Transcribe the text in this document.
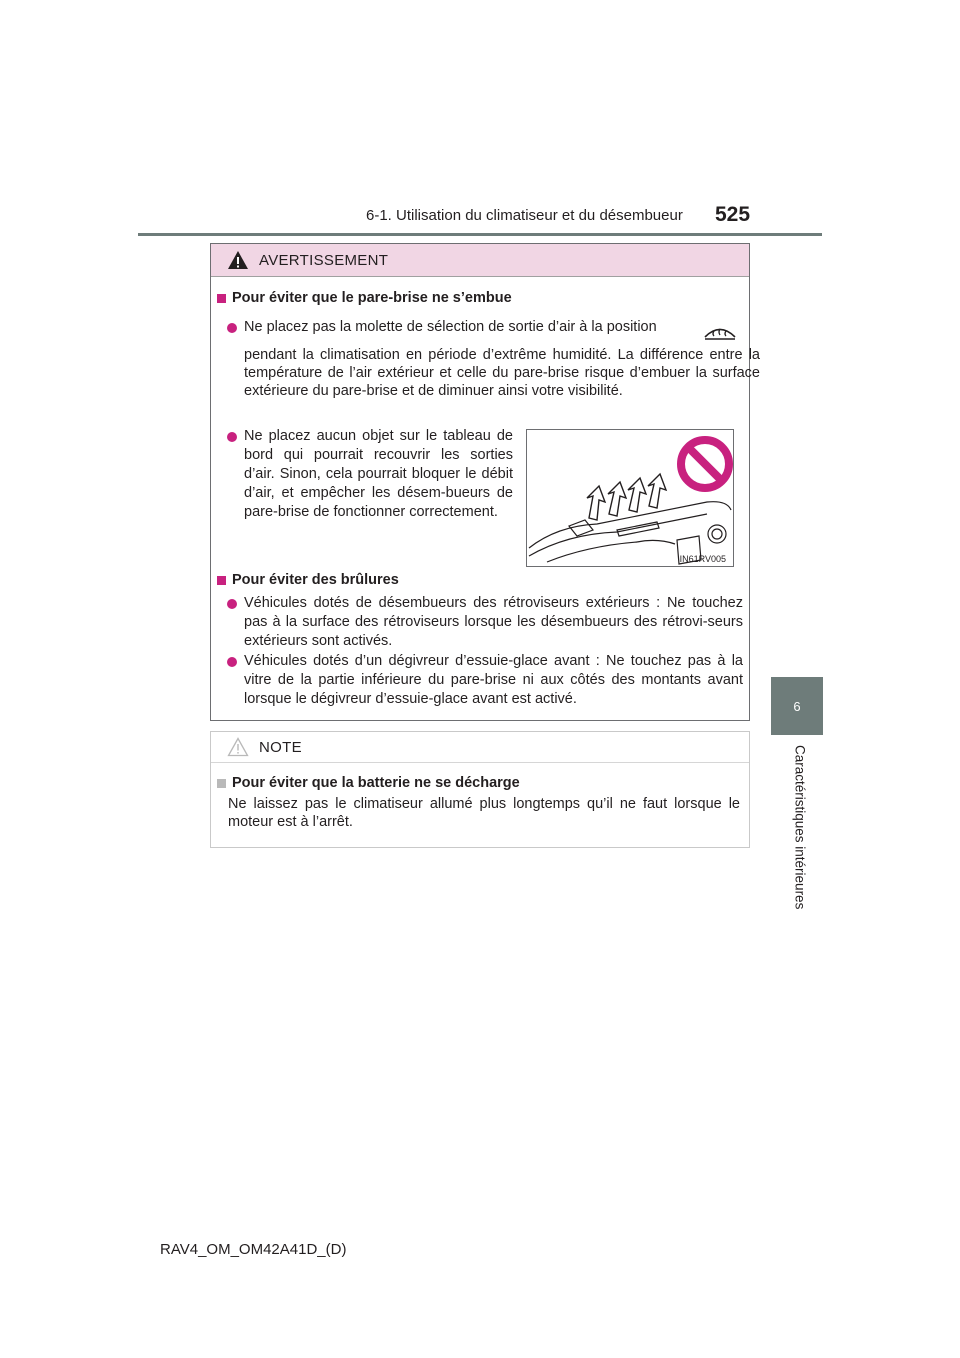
6-1. Utilisation du climatiseur et du désembueur 525
6
Caractéristiques intérieures
AVERTISSEMENT
Pour éviter que le pare-brise ne s’embue
Ne placez pas la molette de sélection de sortie d’air à la position
pendant la climatisation en période d’extrême humidité. La différence entre la température de l’air extérieur et celle du pare-brise risque d’embuer la surface extérieure du pare-brise et de diminuer ainsi votre visibilité.
Ne placez aucun objet sur le tableau de bord qui pourrait recouvrir les sorties d’air. Sinon, cela pourrait bloquer le débit d’air, et empêcher les désem-bueurs de pare-brise de fonctionner correctement.
IN61RV005
Pour éviter des brûlures
Véhicules dotés de désembueurs des rétroviseurs extérieurs : Ne touchez pas à la surface des rétroviseurs lorsque les désembueurs des rétrovi-seurs extérieurs sont activés.
Véhicules dotés d’un dégivreur d’essuie-glace avant : Ne touchez pas à la vitre de la partie inférieure du pare-brise ni aux côtés des montants avant lorsque le dégivreur d’essuie-glace avant est activé.
NOTE
Pour éviter que la batterie ne se décharge
Ne laissez pas le climatiseur allumé plus longtemps qu’il ne faut lorsque le moteur est à l’arrêt.
RAV4_OM_OM42A41D_(D)
